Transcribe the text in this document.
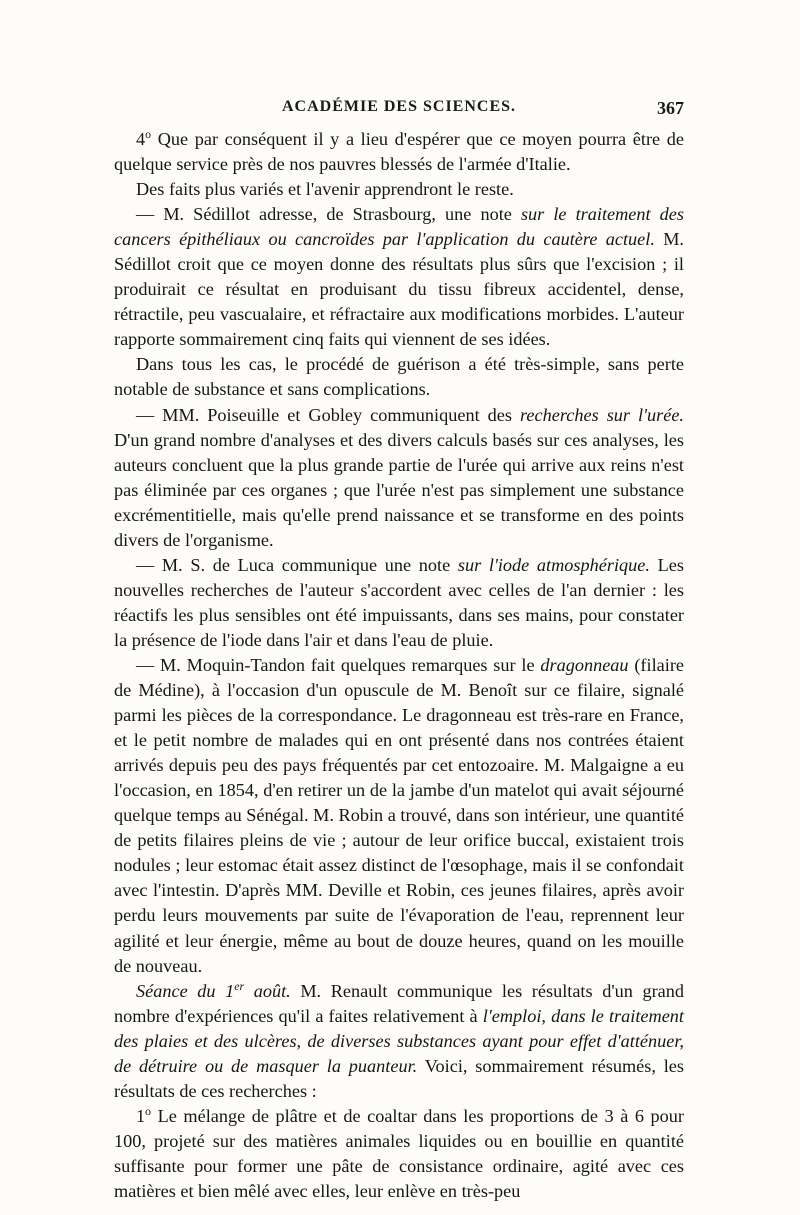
ACADÉMIE DES SCIENCES.	367

4$^o$ Que par conséquent il y a lieu d'espérer que ce moyen pourra être de quelque service près de nos pauvres blessés de l'armée d'Italie.

Des faits plus variés et l'avenir apprendront le reste.

— M. Sédillot adresse, de Strasbourg, une note sur le traitement des cancers épithéliaux ou cancroïdes par l'application du cautère actuel. M. Sédillot croit que ce moyen donne des résultats plus sûrs que l'excision ; il produirait ce résultat en produisant du tissu fibreux accidentel, dense, rétractile, peu vascualaire, et réfractaire aux modifications morbides. L'auteur rapporte sommairement cinq faits qui viennent de ses idées.

Dans tous les cas, le procédé de guérison a été très-simple, sans perte notable de substance et sans complications.

— MM. Poiseuille et Gobley communiquent des recherches sur l'urée. D'un grand nombre d'analyses et des divers calculs basés sur ces analyses, les auteurs concluent que la plus grande partie de l'urée qui arrive aux reins n'est pas éliminée par ces organes ; que l'urée n'est pas simplement une substance excrémentitielle, mais qu'elle prend naissance et se transforme en des points divers de l'organisme.

— M. S. de Luca communique une note sur l'iode atmosphérique. Les nouvelles recherches de l'auteur s'accordent avec celles de l'an dernier : les réactifs les plus sensibles ont été impuissants, dans ses mains, pour constater la présence de l'iode dans l'air et dans l'eau de pluie.

— M. Moquin-Tandon fait quelques remarques sur le dragonneau (filaire de Médine), à l'occasion d'un opuscule de M. Benoît sur ce filaire, signalé parmi les pièces de la correspondance. Le dragonneau est très-rare en France, et le petit nombre de malades qui en ont présenté dans nos contrées étaient arrivés depuis peu des pays fréquentés par cet entozoaire. M. Malgaigne a eu l'occasion, en 1854, d'en retirer un de la jambe d'un matelot qui avait séjourné quelque temps au Sénégal. M. Robin a trouvé, dans son intérieur, une quantité de petits filaires pleins de vie ; autour de leur orifice buccal, existaient trois nodules ; leur estomac était assez distinct de l'œsophage, mais il se confondait avec l'intestin. D'après MM. Deville et Robin, ces jeunes filaires, après avoir perdu leurs mouvements par suite de l'évaporation de l'eau, reprennent leur agilité et leur énergie, même au bout de douze heures, quand on les mouille de nouveau.

Séance du 1er août. M. Renault communique les résultats d'un grand nombre d'expériences qu'il a faites relativement à l'emploi, dans le traitement des plaies et des ulcères, de diverses substances ayant pour effet d'atténuer, de détruire ou de masquer la puanteur. Voici, sommairement résumés, les résultats de ces recherches :

1$^o$ Le mélange de plâtre et de coaltar dans les proportions de 3 à 6 pour 100, projeté sur des matières animales liquides ou en bouillie en quantité suffisante pour former une pâte de consistance ordinaire, agité avec ces matières et bien mêlé avec elles, leur enlève en très-peu
